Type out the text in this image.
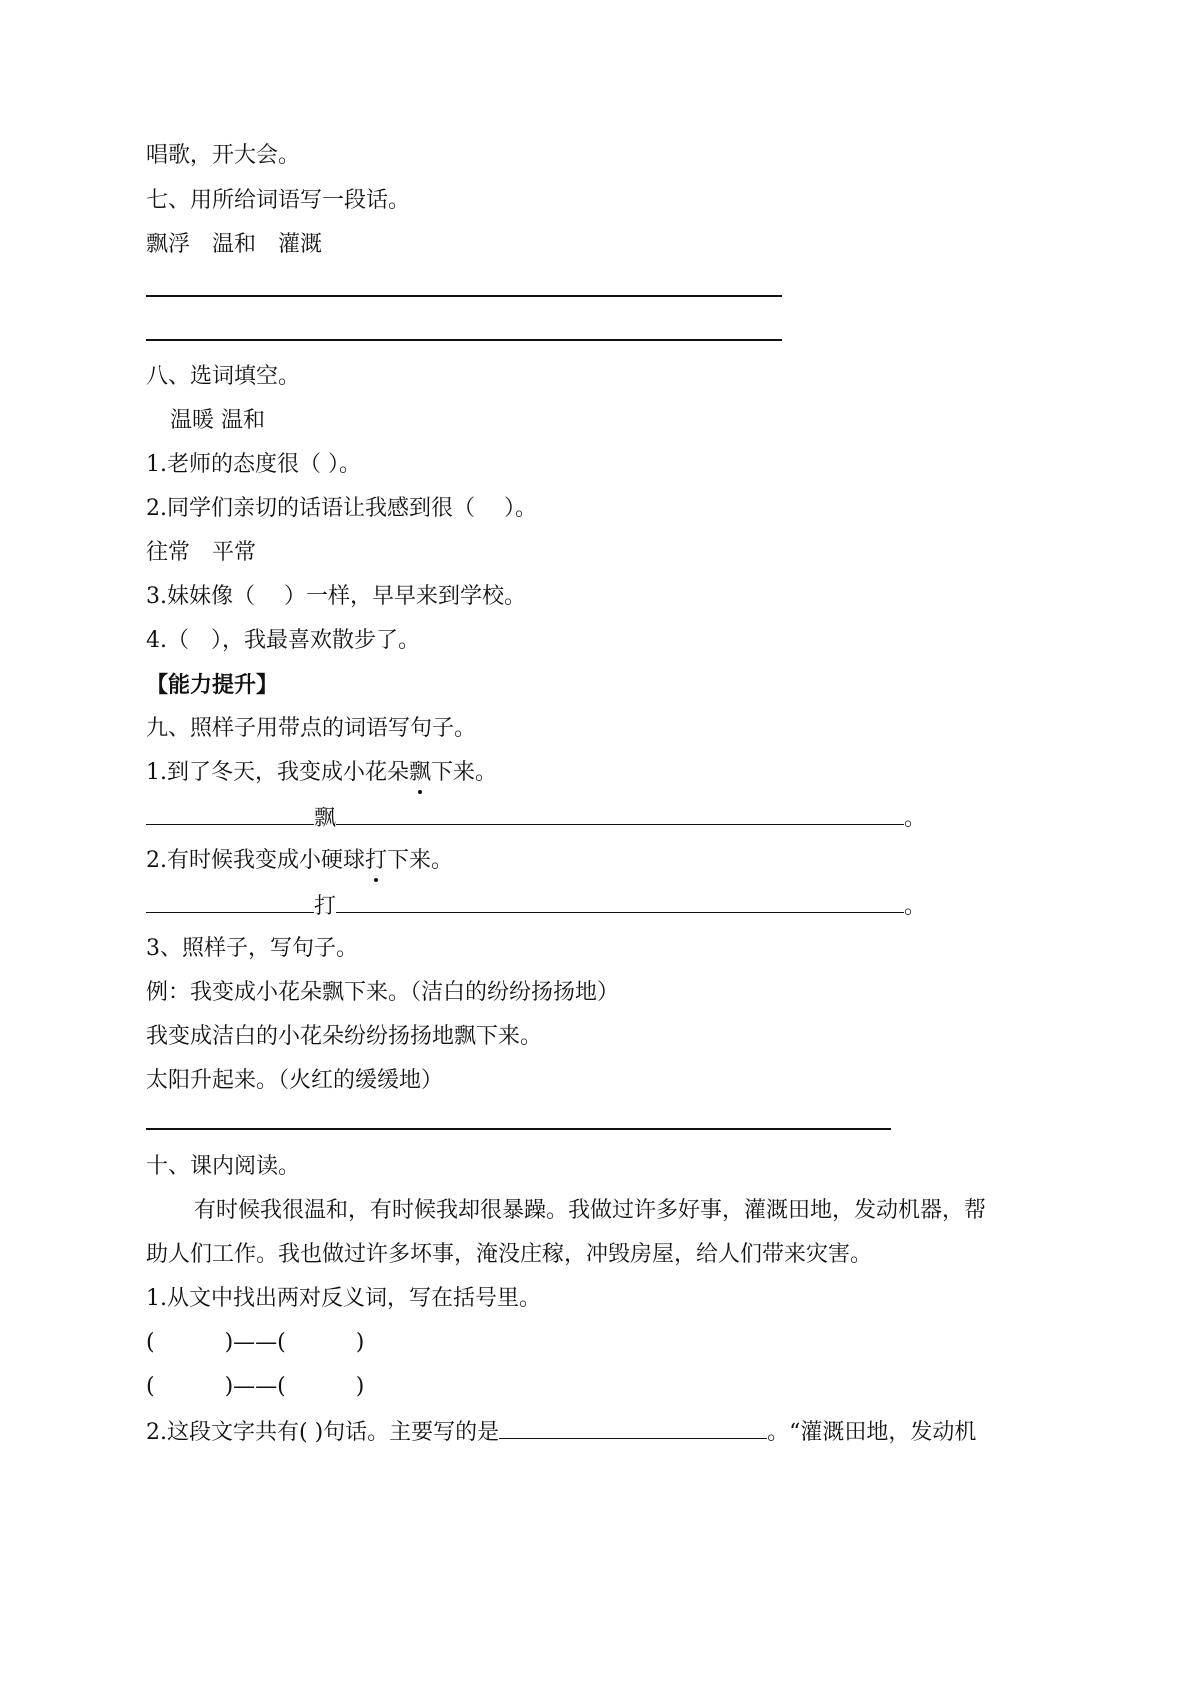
唱歌，开大会。
七、用所给词语写一段话。
飘浮　温和　灌溉
八、选词填空。
温暖 温和
1.老师的态度很（ ）。
2.同学们亲切的话语让我感到很（　 ）。
往常　平常
3.妹妹像（　 ）一样，早早来到学校。
4.（　），我最喜欢散步了。
【能力提升】
九、照样子用带点的词语写句子。
1.到了冬天，我变成小花朵飘下来。
飘	。
2.有时候我变成小硬球打下来。
打	。
3、照样子，写句子。
例：我变成小花朵飘下来。（洁白的纷纷扬扬地）
我变成洁白的小花朵纷纷扬扬地飘下来。
太阳升起来。（火红的缓缓地）
十、课内阅读。
有时候我很温和，有时候我却很暴躁。我做过许多好事，灌溉田地，发动机器，帮
助人们工作。我也做过许多坏事，淹没庄稼，冲毁房屋，给人们带来灾害。
1.从文中找出两对反义词，写在括号里。
(	)——(	)
(	)——(	)
2.这段文字共有( )句话。主要写的是	。“灌溉田地，发动机
